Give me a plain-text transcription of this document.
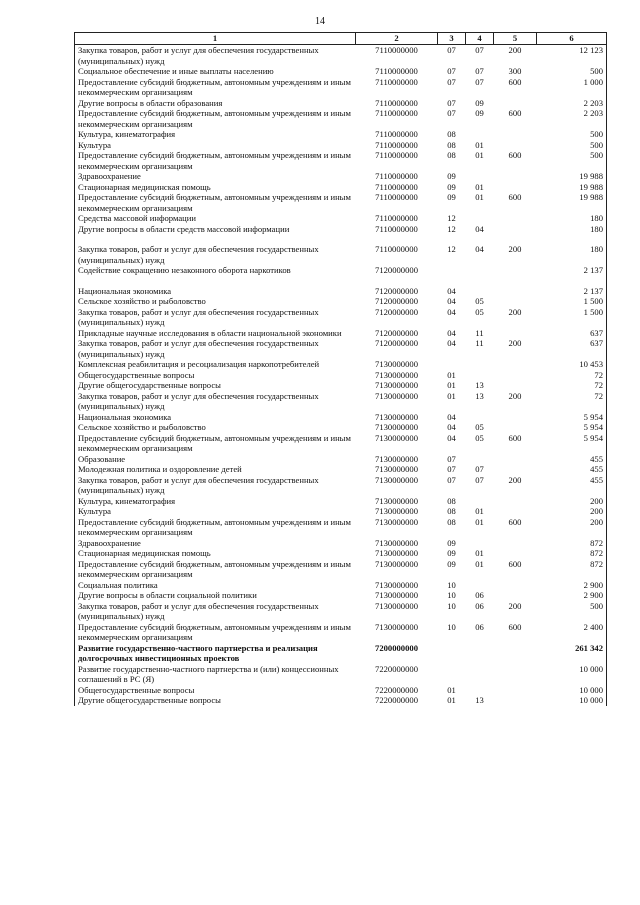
14
1	2	3	4	5	6
Закупка товаров, работ и услуг для обеспечения государственных (муниципальных) нужд	7110000000	07	07	200	12 123
Социальное обеспечение и иные выплаты населению	7110000000	07	07	300	500
Предоставление субсидий бюджетным, автономным учреждениям и иным некоммерческим организациям	7110000000	07	07	600	1 000
Другие вопросы в области образования	7110000000	07	09		2 203
Предоставление субсидий бюджетным, автономным учреждениям и иным некоммерческим организациям	7110000000	07	09	600	2 203
Культура, кинематография	7110000000	08			500
Культура	7110000000	08	01		500
Предоставление субсидий бюджетным, автономным учреждениям и иным некоммерческим организациям	7110000000	08	01	600	500
Здравоохранение	7110000000	09			19 988
Стационарная медицинская помощь	7110000000	09	01		19 988
Предоставление субсидий бюджетным, автономным учреждениям и иным некоммерческим организациям	7110000000	09	01	600	19 988
Средства массовой информации	7110000000	12			180
Другие вопросы в области средств массовой информации	7110000000	12	04		180

Закупка товаров, работ и услуг для обеспечения государственных (муниципальных) нужд	7110000000	12	04	200	180
Содействие сокращению незаконного оборота наркотиков	7120000000				2 137

Национальная экономика	7120000000	04			2 137
Сельское хозяйство и рыболовство	7120000000	04	05		1 500
Закупка товаров, работ и услуг для обеспечения государственных (муниципальных) нужд	7120000000	04	05	200	1 500
Прикладные научные исследования в области национальной экономики	7120000000	04	11		637
Закупка товаров, работ и услуг для обеспечения государственных (муниципальных) нужд	7120000000	04	11	200	637
Комплексная реабилитация и ресоциализация наркопотребителей	7130000000				10 453
Общегосударственные вопросы	7130000000	01			72
Другие общегосударственные вопросы	7130000000	01	13		72
Закупка товаров, работ и услуг для обеспечения государственных (муниципальных) нужд	7130000000	01	13	200	72
Национальная экономика	7130000000	04			5 954
Сельское хозяйство и рыболовство	7130000000	04	05		5 954
Предоставление субсидий бюджетным, автономным учреждениям и иным некоммерческим организациям	7130000000	04	05	600	5 954
Образование	7130000000	07			455
Молодежная политика и оздоровление детей	7130000000	07	07		455
Закупка товаров, работ и услуг для обеспечения государственных (муниципальных) нужд	7130000000	07	07	200	455
Культура, кинематография	7130000000	08			200
Культура	7130000000	08	01		200
Предоставление субсидий бюджетным, автономным учреждениям и иным некоммерческим организациям	7130000000	08	01	600	200
Здравоохранение	7130000000	09			872
Стационарная медицинская помощь	7130000000	09	01		872
Предоставление субсидий бюджетным, автономным учреждениям и иным некоммерческим организациям	7130000000	09	01	600	872
Социальная политика	7130000000	10			2 900
Другие вопросы в области социальной политики	7130000000	10	06		2 900
Закупка товаров, работ и услуг для обеспечения государственных (муниципальных) нужд	7130000000	10	06	200	500
Предоставление субсидий бюджетным, автономным учреждениям и иным некоммерческим организациям	7130000000	10	06	600	2 400
Развитие государственно-частного партнерства и реализация долгосрочных инвестиционных проектов	7200000000				261 342
Развитие государственно-частного партнерства и (или) концессионных соглашений в РС (Я)	7220000000				10 000
Общегосударственные вопросы	7220000000	01			10 000
Другие общегосударственные вопросы	7220000000	01	13		10 000
